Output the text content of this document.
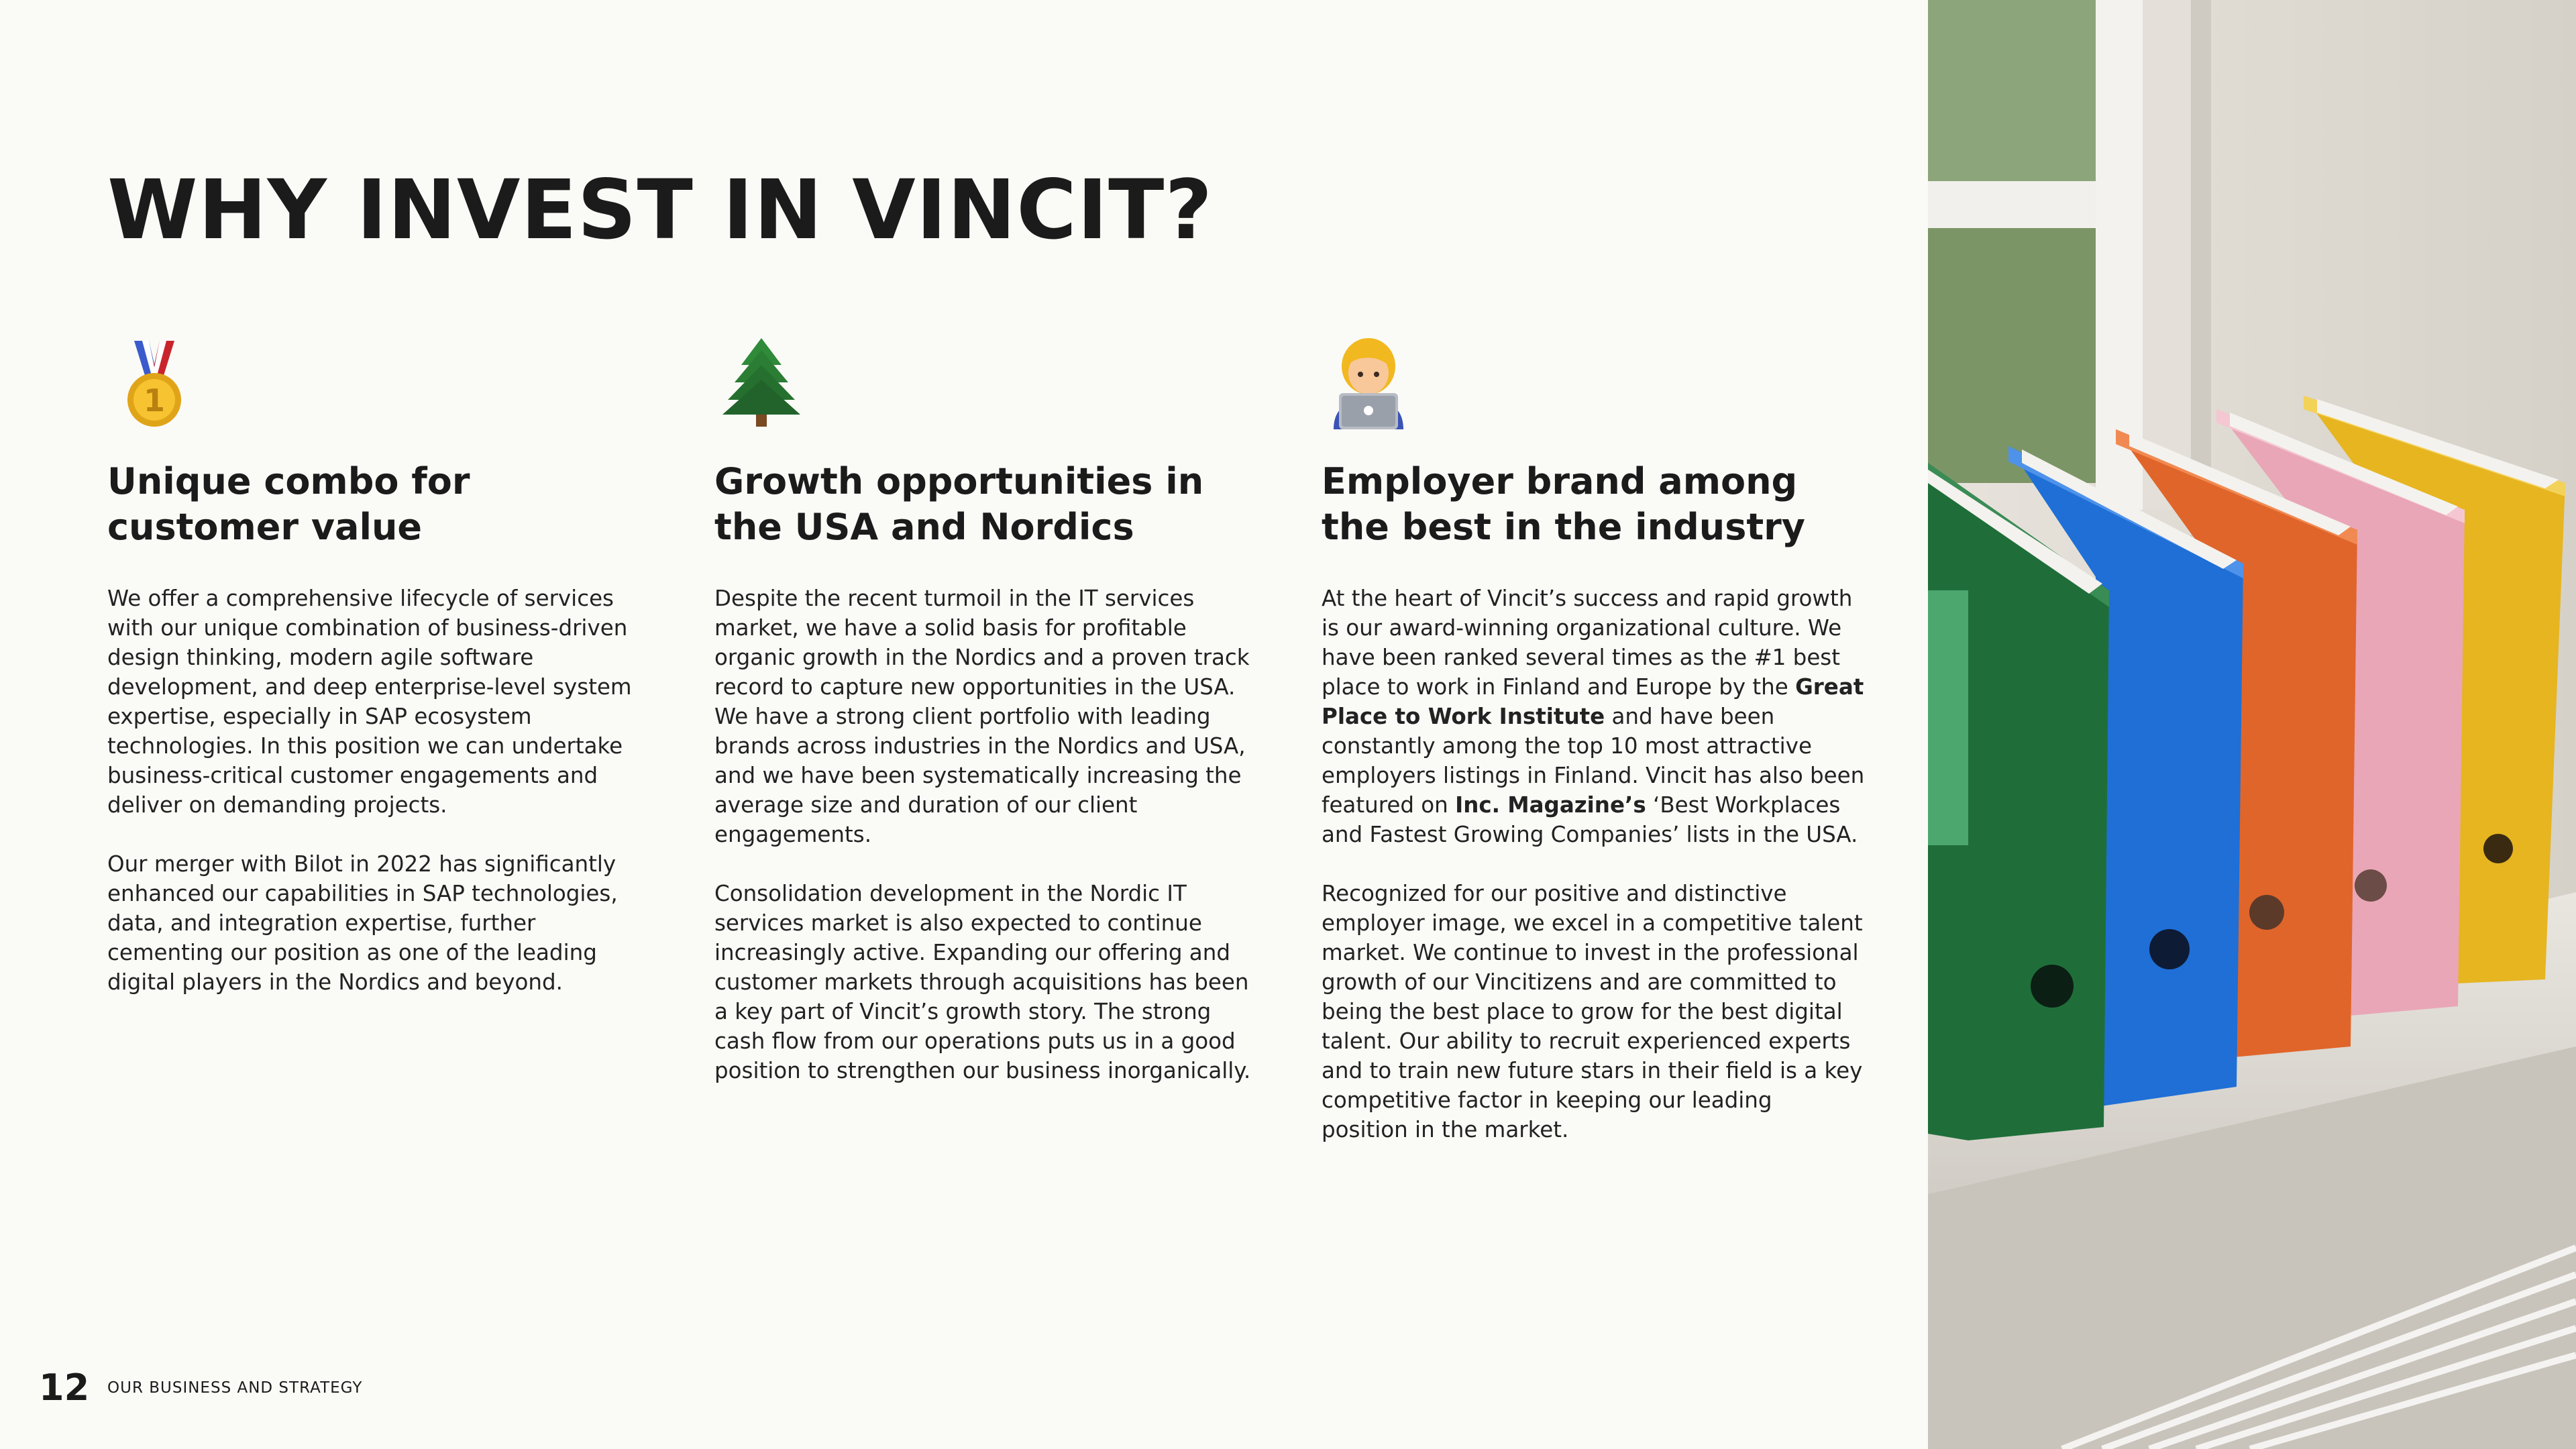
WHY INVEST IN VINCIT?
1
Unique combo for
customer value

We offer a comprehensive lifecycle of services with our unique combination of business-driven design thinking, modern agile software development, and deep enterprise-level system expertise, especially in SAP ecosystem technologies. In this position we can undertake business-critical customer engagements and deliver on demanding projects.

Our merger with Bilot in 2022 has significantly enhanced our capabilities in SAP technologies, data, and integration expertise, further cementing our position as one of the leading digital players in the Nordics and beyond.

Growth opportunities in
the USA and Nordics

Despite the recent turmoil in the IT services market, we have a solid basis for profitable organic growth in the Nordics and a proven track record to capture new opportunities in the USA. We have a strong client portfolio with leading brands across industries in the Nordics and USA, and we have been systematically increasing the average size and duration of our client engagements.

Consolidation development in the Nordic IT services market is also expected to continue increasingly active. Expanding our offering and customer markets through acquisitions has been a key part of Vincit’s growth story. The strong cash flow from our operations puts us in a good position to strengthen our business inorganically.

Employer brand among
the best in the industry

At the heart of Vincit’s success and rapid growth is our award-winning organizational culture. We have been ranked several times as the #1 best place to work in Finland and Europe by the Great Place to Work Institute and have been constantly among the top 10 most attractive employers listings in Finland. Vincit has also been featured on Inc. Magazine’s ‘Best Workplaces and Fastest Growing Companies’ lists in the USA.

Recognized for our positive and distinctive employer image, we excel in a competitive talent market. We continue to invest in the professional growth of our Vincitizens and are committed to being the best place to grow for the best digital talent. Our ability to recruit experienced experts and to train new future stars in their field is a key competitive factor in keeping our leading position in the market.

12 OUR BUSINESS AND STRATEGY
